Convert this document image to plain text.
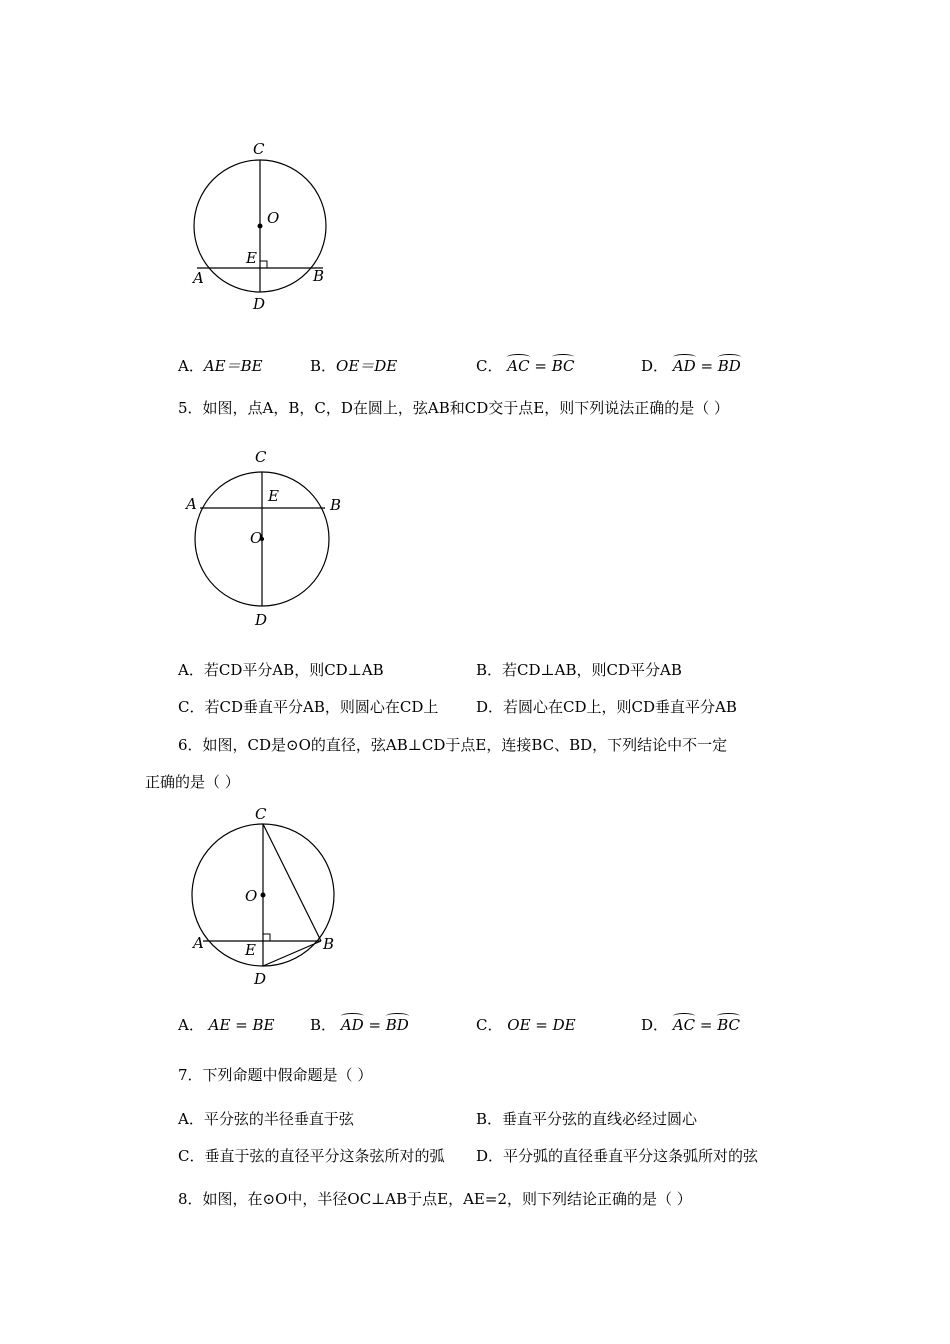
C
O
E
A	B
D
A．AE＝BE	B．OE＝DE	C． AC = BC	D． AD = BD
5．如图，点A，B，C，D在圆上，弦AB和CD交于点E，则下列说法正确的是（ ）
C
A	E	B
O
D
A．若CD平分AB，则CD⊥AB	B．若CD⊥AB，则CD平分AB
C．若CD垂直平分AB，则圆心在CD上	D．若圆心在CD上，则CD垂直平分AB
6．如图，CD是⊙O的直径，弦AB⊥CD于点E，连接BC、BD，下列结论中不一定
正确的是（ ）
C
O
A	E	B
D
A． AE = BE B． AD = BD	C． OE = DE	D． AC = BC
7．下列命题中假命题是（ ）
A．平分弦的半径垂直于弦	B．垂直平分弦的直线必经过圆心
C．垂直于弦的直径平分这条弦所对的弧 D．平分弧的直径垂直平分这条弧所对的弦
8．如图，在⊙O中，半径OC⊥AB于点E，AE=2，则下列结论正确的是（ ）
